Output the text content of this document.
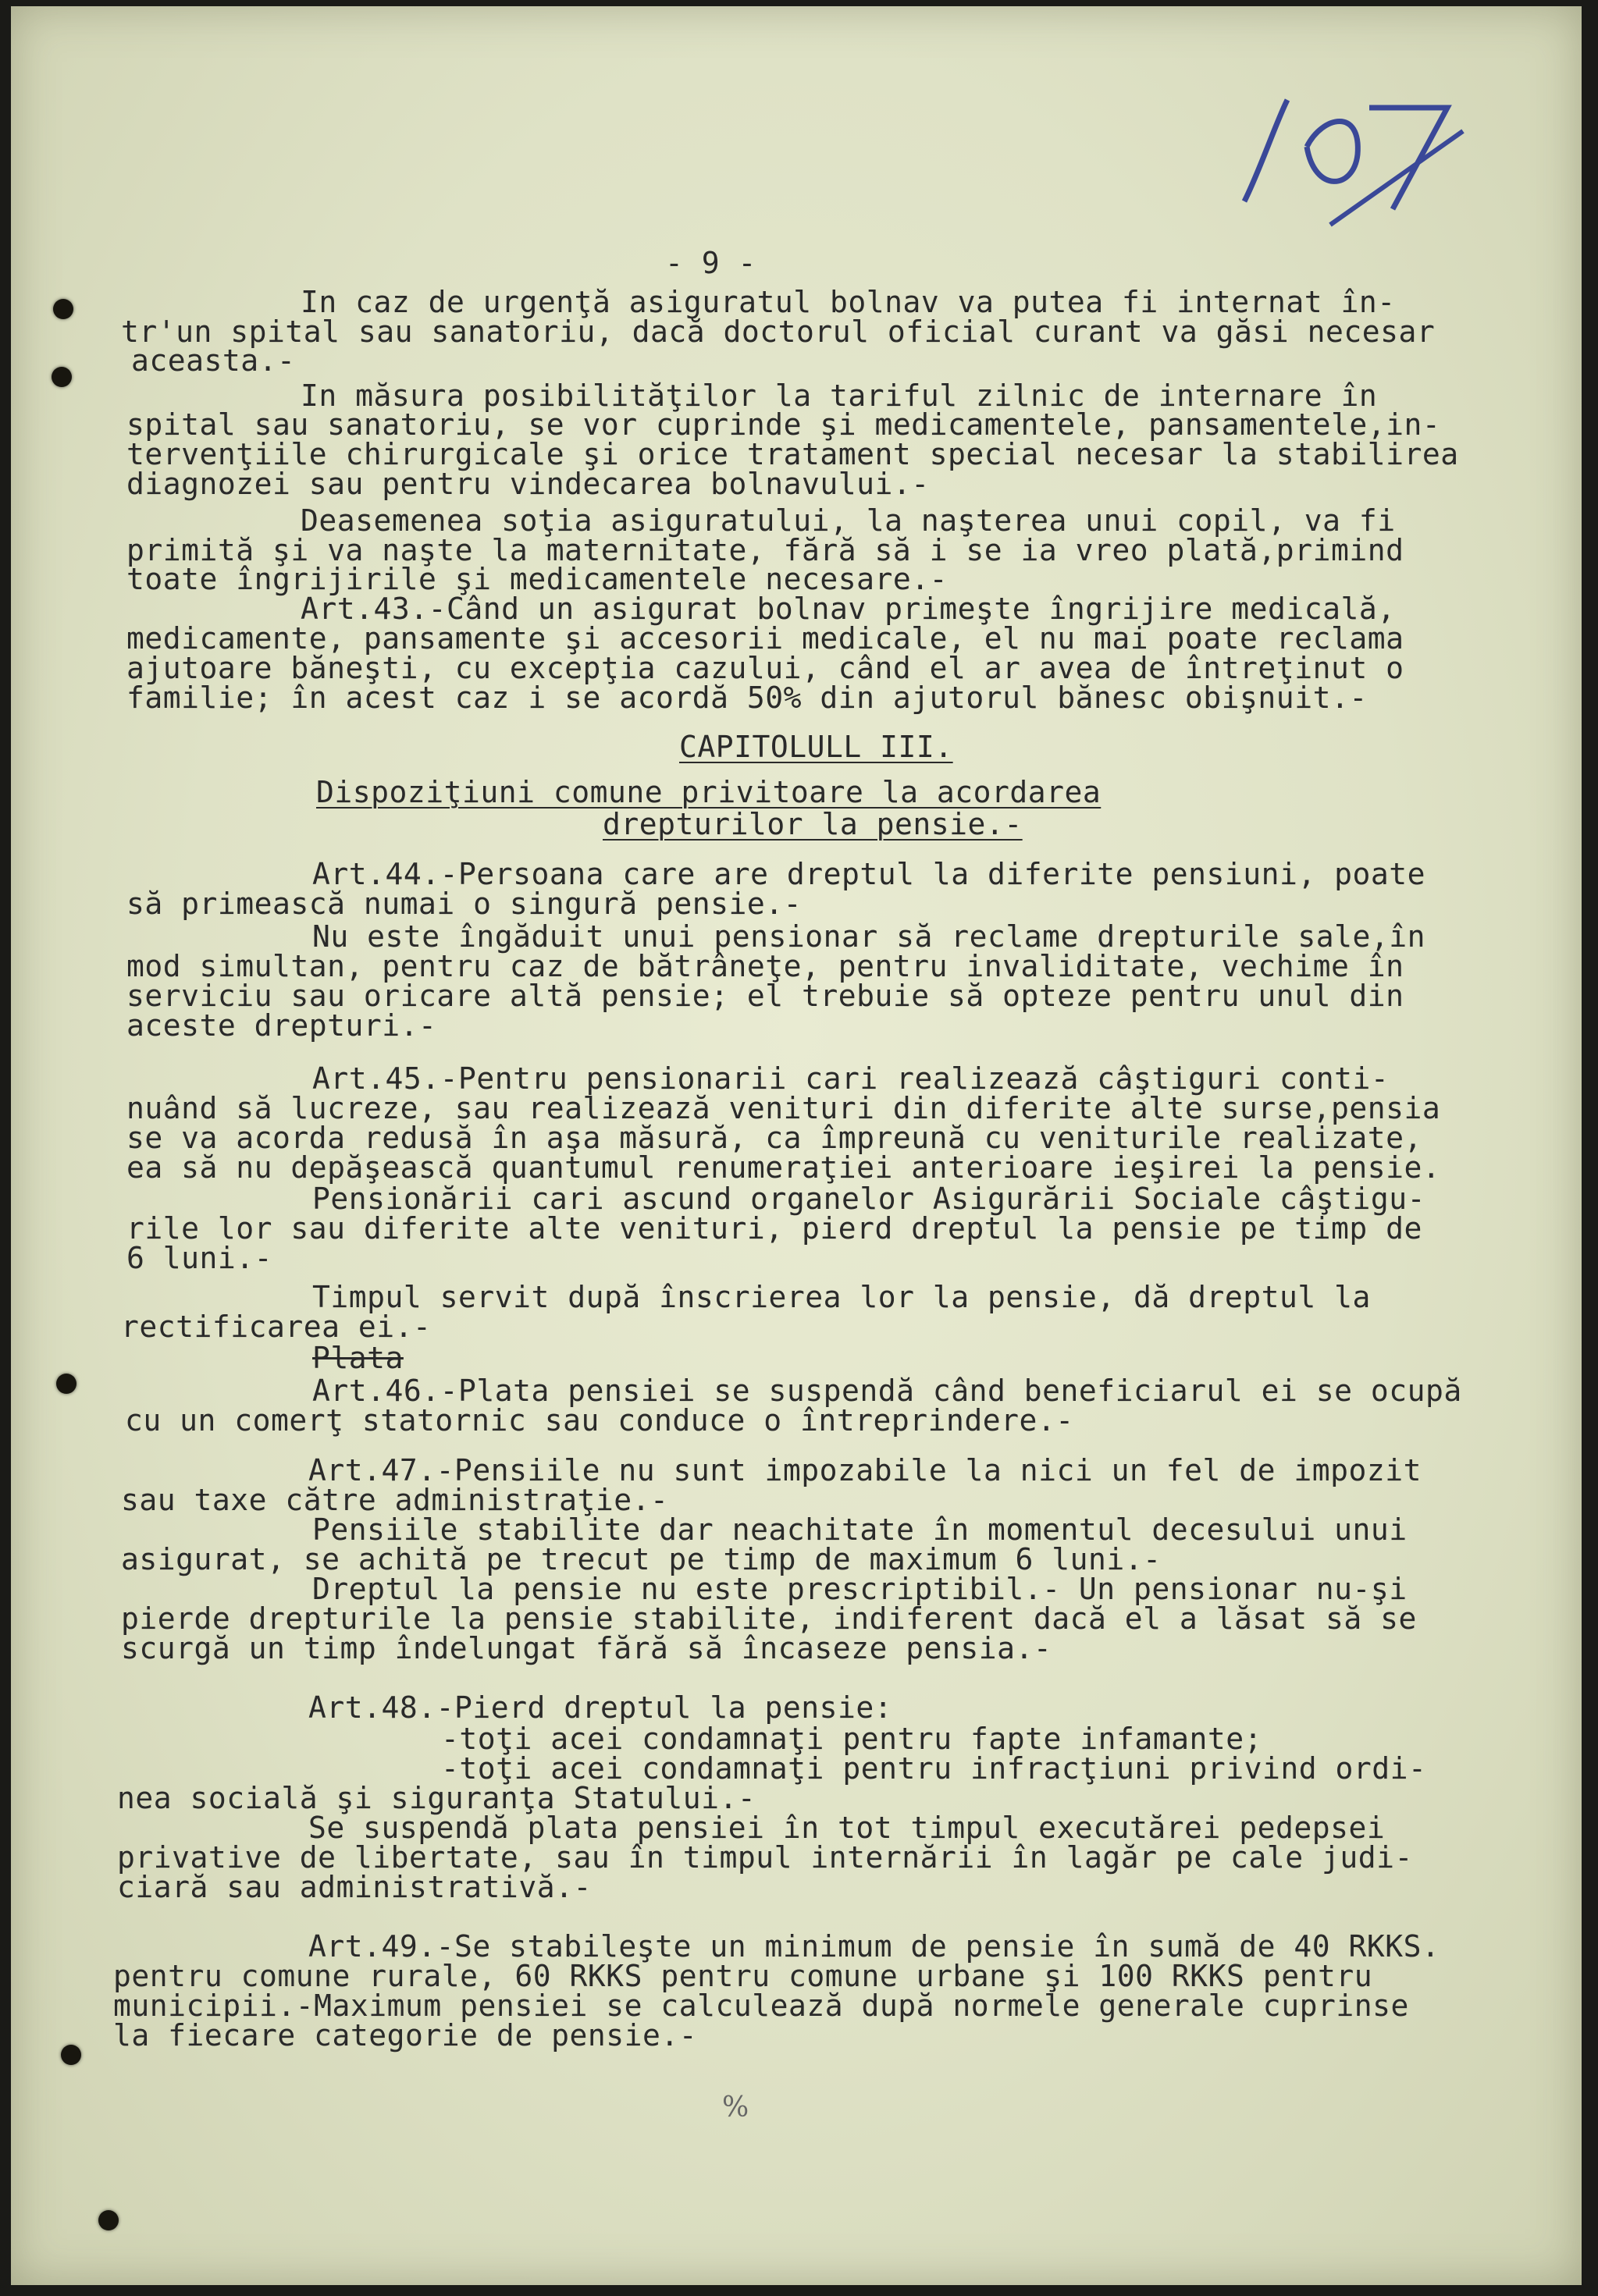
- 9 -
In caz de urgenţă asiguratul bolnav va putea fi internat în-
tr'un spital sau sanatoriu, dacă doctorul oficial curant va găsi necesar
aceasta.-
In măsura posibilităţilor la tariful zilnic de internare în
spital sau sanatoriu, se vor cuprinde şi medicamentele, pansamentele,in-
tervenţiile chirurgicale şi orice tratament special necesar la stabilirea
diagnozei sau pentru vindecarea bolnavului.-
Deasemenea soţia asiguratului, la naşterea unui copil, va fi
primită şi va naşte la maternitate, fără să i se ia vreo plată,primind
toate îngrijirile şi medicamentele necesare.-
Art.43.-Când un asigurat bolnav primeşte îngrijire medicală,
medicamente, pansamente şi accesorii medicale, el nu mai poate reclama
ajutoare băneşti, cu excepţia cazului, când el ar avea de întreţinut o
familie; în acest caz i se acordă 50% din ajutorul bănesc obişnuit.-
CAPITOLULL III.
Dispoziţiuni comune privitoare la acordarea
drepturilor la pensie.-
Art.44.-Persoana care are dreptul la diferite pensiuni, poate
să primească numai o singură pensie.-
Nu este îngăduit unui pensionar să reclame drepturile sale,în
mod simultan, pentru caz de bătrâneţe, pentru invaliditate, vechime în
serviciu sau oricare altă pensie; el trebuie să opteze pentru unul din
aceste drepturi.-
Art.45.-Pentru pensionarii cari realizează câştiguri conti-
nuând să lucreze, sau realizează venituri din diferite alte surse,pensia
se va acorda redusă în aşa măsură, ca împreună cu veniturile realizate,
ea să nu depăşească quantumul renumeraţiei anterioare ieşirei la pensie.
Pensionării cari ascund organelor Asigurării Sociale câştigu-
rile lor sau diferite alte venituri, pierd dreptul la pensie pe timp de
6 luni.-
Timpul servit după înscrierea lor la pensie, dă dreptul la
rectificarea ei.-
Plata
Art.46.-Plata pensiei se suspendă când beneficiarul ei se ocupă
cu un comerţ statornic sau conduce o întreprindere.-
Art.47.-Pensiile nu sunt impozabile la nici un fel de impozit
sau taxe către administraţie.-
Pensiile stabilite dar neachitate în momentul decesului unui
asigurat, se achită pe trecut pe timp de maximum 6 luni.-
Dreptul la pensie nu este prescriptibil.- Un pensionar nu-şi
pierde drepturile la pensie stabilite, indiferent dacă el a lăsat să se
scurgă un timp îndelungat fără să încaseze pensia.-
Art.48.-Pierd dreptul la pensie:
-toţi acei condamnaţi pentru fapte infamante;
-toţi acei condamnaţi pentru infracţiuni privind ordi-
nea socială şi siguranţa Statului.-
Se suspendă plata pensiei în tot timpul executărei pedepsei
privative de libertate, sau în timpul internării în lagăr pe cale judi-
ciară sau administrativă.-
Art.49.-Se stabileşte un minimum de pensie în sumă de 40 RKKS.
pentru comune rurale, 60 RKKS pentru comune urbane şi 100 RKKS pentru
municipii.-Maximum pensiei se calculează după normele generale cuprinse
la fiecare categorie de pensie.-
%
